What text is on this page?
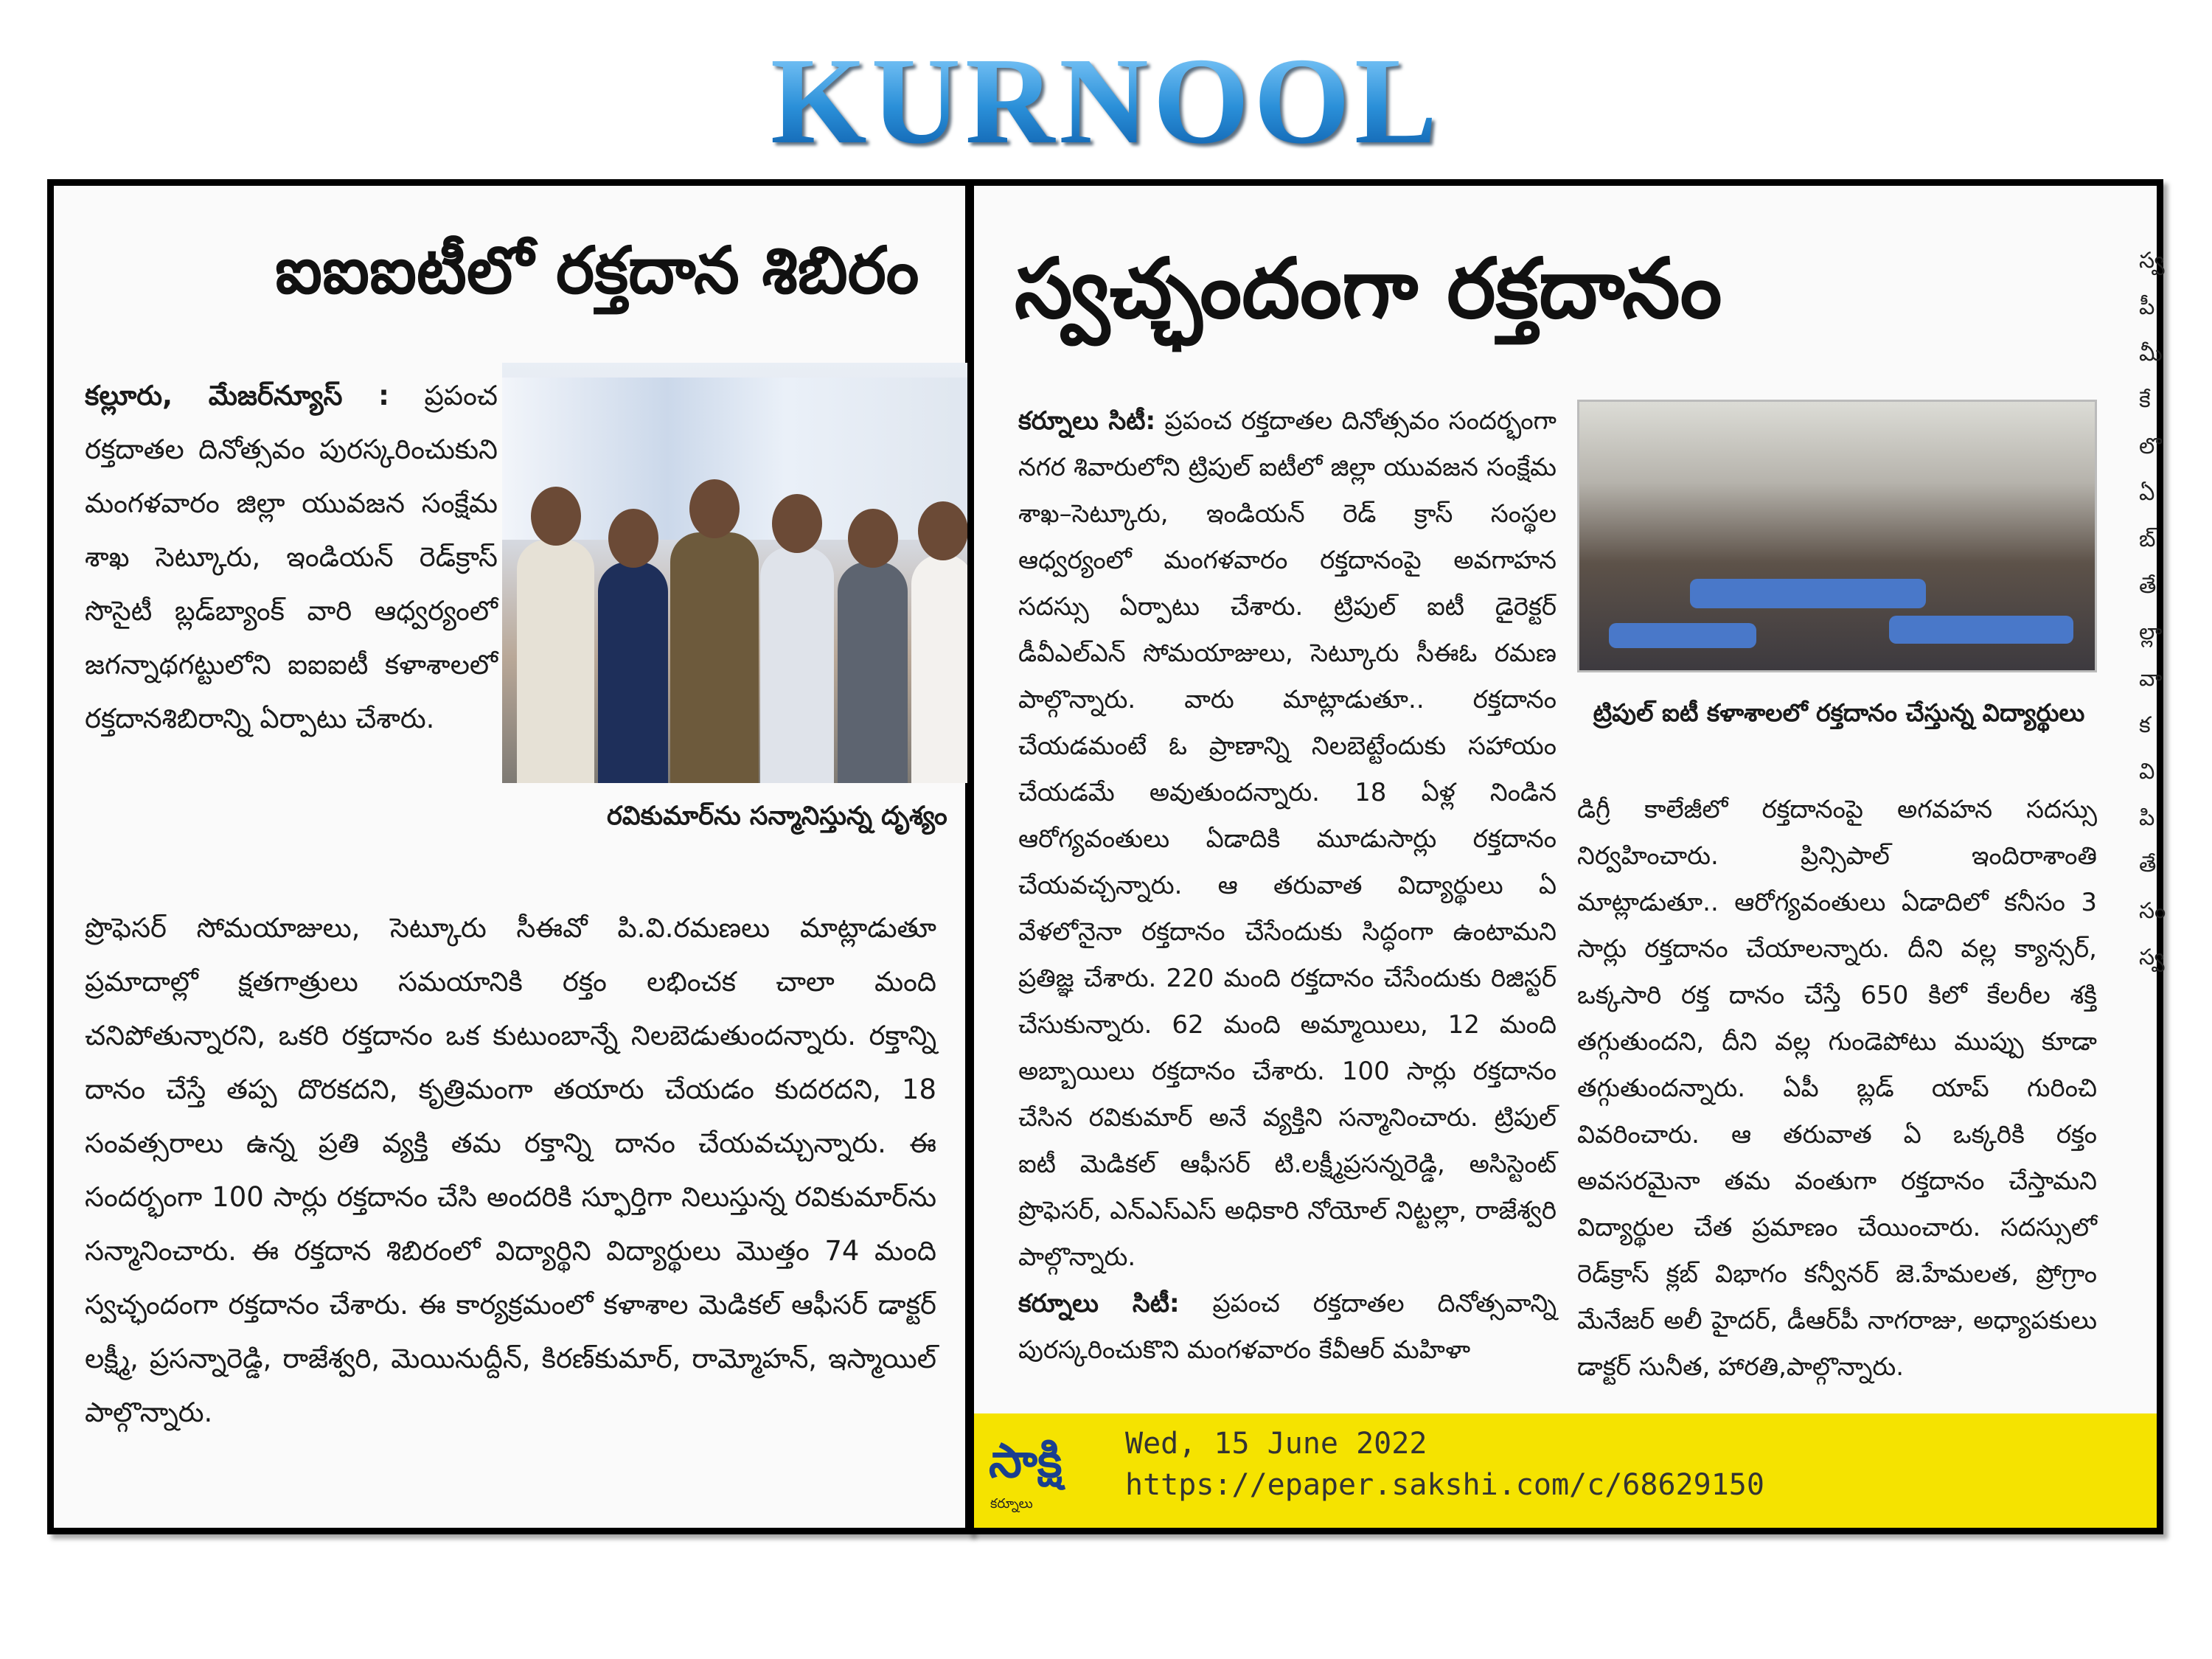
KURNOOL
ఐఐఐటీలో రక్తదాన శిబిరం
కల్లూరు, మేజర్‌న్యూస్ : ప్రపంచ రక్తదాతల దినోత్సవం పురస్కరించుకుని మంగళవారం జిల్లా యువజన సంక్షేమ శాఖ సెట్కూరు, ఇండియన్ రెడ్‌క్రాస్ సొసైటీ బ్లడ్‌బ్యాంక్ వారి ఆధ్వర్యంలో జగన్నాథగట్టులోని ఐఐఐటీ కళాశాలలో రక్తదానశిబిరాన్ని ఏర్పాటు చేశారు.
రవికుమార్‌ను సన్మానిస్తున్న దృశ్యం
ప్రొఫెసర్ సోమయాజులు, సెట్కూరు సీఈవో పి.వి.రమణలు మాట్లాడుతూ ప్రమాదాల్లో క్షతగాత్రులు సమయానికి రక్తం లభించక చాలా మంది చనిపోతున్నారని, ఒకరి రక్తదానం ఒక కుటుంబాన్నే నిలబెడుతుందన్నారు. రక్తాన్ని దానం చేస్తే తప్ప దొరకదని, కృత్రిమంగా తయారు చేయడం కుదరదని, 18 సంవత్సరాలు ఉన్న ప్రతి వ్యక్తి తమ రక్తాన్ని దానం చేయవచ్చున్నారు. ఈ సందర్భంగా 100 సార్లు రక్తదానం చేసి అందరికి స్ఫూర్తిగా నిలుస్తున్న రవికుమార్‌ను సన్మానించారు. ఈ రక్తదాన శిబిరంలో విద్యార్థిని విద్యార్థులు మొత్తం 74 మంది స్వచ్ఛందంగా రక్తదానం చేశారు. ఈ కార్యక్రమంలో కళాశాల మెడికల్ ఆఫీసర్ డాక్టర్ లక్ష్మీ, ప్రసన్నారెడ్డి, రాజేశ్వరి, మెయినుద్దీన్, కిరణ్‌కుమార్, రామ్మోహన్, ఇస్మాయిల్ పాల్గొన్నారు.
స్వచ్ఛందంగా రక్తదానం
కర్నూలు సిటీ: ప్రపంచ రక్తదాతల దినోత్సవం సందర్భంగా నగర శివారులోని ట్రిపుల్ ఐటీలో జిల్లా యువజన సంక్షేమ శాఖ–సెట్కూరు, ఇండియన్ రెడ్ క్రాస్ సంస్థల ఆధ్వర్యంలో మంగళవారం రక్తదానంపై అవగాహన సదస్సు ఏర్పాటు చేశారు. ట్రిపుల్ ఐటీ డైరెక్టర్ డీవీఎల్ఎన్ సోమయాజులు, సెట్కూరు సీఈఓ రమణ పాల్గొన్నారు. వారు మాట్లాడుతూ.. రక్తదానం చేయడమంటే ఓ ప్రాణాన్ని నిలబెట్టేందుకు సహాయం చేయడమే అవుతుందన్నారు. 18 ఏళ్ల నిండిన ఆరోగ్యవంతులు ఏడాదికి మూడుసార్లు రక్తదానం చేయవచ్చన్నారు. ఆ తరువాత విద్యార్థులు ఏ వేళలోనైనా రక్తదానం చేసేందుకు సిద్ధంగా ఉంటామని ప్రతిజ్ఞ చేశారు. 220 మంది రక్తదానం చేసేందుకు రిజిస్టర్ చేసుకున్నారు. 62 మంది అమ్మాయిలు, 12 మంది అబ్బాయిలు రక్తదానం చేశారు. 100 సార్లు రక్తదానం చేసిన రవికుమార్ అనే వ్యక్తిని సన్మానించారు. ట్రిపుల్ ఐటీ మెడికల్ ఆఫీసర్ టి.లక్ష్మీప్రసన్నరెడ్డి, అసిస్టెంట్ ప్రొఫెసర్, ఎన్ఎస్ఎస్ అధికారి నోయోల్ నిట్టల్లా, రాజేశ్వరి పాల్గొన్నారు.
కర్నూలు సిటీ: ప్రపంచ రక్తదాతల దినోత్సవాన్ని పురస్కరించుకొని మంగళవారం కేవీఆర్ మహిళా
ట్రిపుల్ ఐటీ కళాశాలలో రక్తదానం చేస్తున్న విద్యార్థులు
డిగ్రీ కాలేజీలో రక్తదానంపై అగవహన సదస్సు నిర్వహించారు. ప్రిన్సిపాల్ ఇందిరాశాంతి మాట్లాడుతూ.. ఆరోగ్యవంతులు ఏడాదిలో కనీసం 3 సార్లు రక్తదానం చేయాలన్నారు. దీని వల్ల క్యాన్సర్, ఒక్కసారి రక్త దానం చేస్తే 650 కిలో కేలరీల శక్తి తగ్గుతుందని, దీని వల్ల గుండెపోటు ముప్పు కూడా తగ్గుతుందన్నారు. ఏపీ బ్లడ్ యాప్ గురించి వివరించారు. ఆ తరువాత ఏ ఒక్కరికి రక్తం అవసరమైనా తమ వంతుగా రక్తదానం చేస్తామని విద్యార్థుల చేత ప్రమాణం చేయించారు. సదస్సులో రెడ్‌క్రాస్ క్లబ్ విభాగం కన్వీనర్ జె.హేమలత, ప్రోగ్రాం మేనేజర్ అలీ హైదర్, డీఆర్‌పీ నాగరాజు, అధ్యాపకులు డాక్టర్ సునీత, హారతి,పాల్గొన్నారు.
స్వ పీ మీ కే లొ ఏ బ్ తే ల్లా వా క వి పి తే సం స్వ
సాక్షి
కర్నూలు
Wed, 15 June 2022
https://epaper.sakshi.com/c/68629150
